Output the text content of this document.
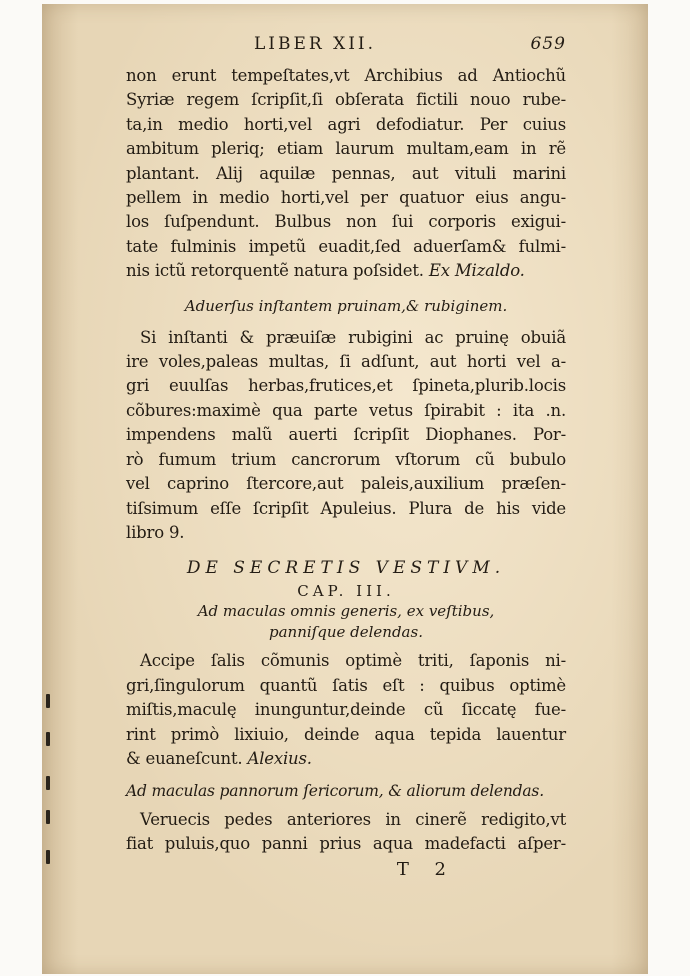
LIBER XII.	659
non erunt tempeſtates,vt Archibius ad Antiochũ
Syriæ regem ſcripſit,ſi obſerata fictili nouo rube-
ta,in medio horti,vel agri defodiatur. Per cuius
ambitum pleriq; etiam laurum multam,eam in rẽ
plantant. Alij aquilæ pennas, aut vituli marini
pellem in medio horti,vel per quatuor eius angu-
los ſuſpendunt. Bulbus non ſui corporis exigui-
tate fulminis impetũ euadit,ſed aduerſam& fulmi-
nis ictũ retorquentẽ natura poſsidet. Ex Mizaldo.
Aduerſus inſtantem pruinam,& rubiginem.
Si inſtanti & præuiſæ rubigini ac pruinę obuiã
ire voles,paleas multas, ſi adſunt, aut horti vel a-
gri euulſas herbas,frutices,et ſpineta,plurib.locis
cõbures:maximè qua parte vetus ſpirabit : ita .n.
impendens malũ auerti ſcripſit Diophanes. Por-
rò fumum trium cancrorum vſtorum cũ bubulo
vel caprino ſtercore,aut paleis,auxilium præſen-
tiſsimum eſſe ſcripſit Apuleius. Plura de his vide
libro 9.
DE SECRETIS VESTIVM.
CAP. III.
Ad maculas omnis generis, ex veſtibus,
panniſque delendas.
Accipe ſalis cõmunis optimè triti, ſaponis ni-
gri,ſingulorum quantũ ſatis eſt : quibus optimè
miſtis,maculę inunguntur,deinde cũ ſiccatę fue-
rint primò lixiuio, deinde aqua tepida lauentur
& euaneſcunt. Alexius.
Ad maculas pannorum ſericorum, & aliorum delendas.
Veruecis pedes anteriores in cinerẽ redigito,vt
fiat puluis,quo panni prius aqua madefacti aſper-
T 2
